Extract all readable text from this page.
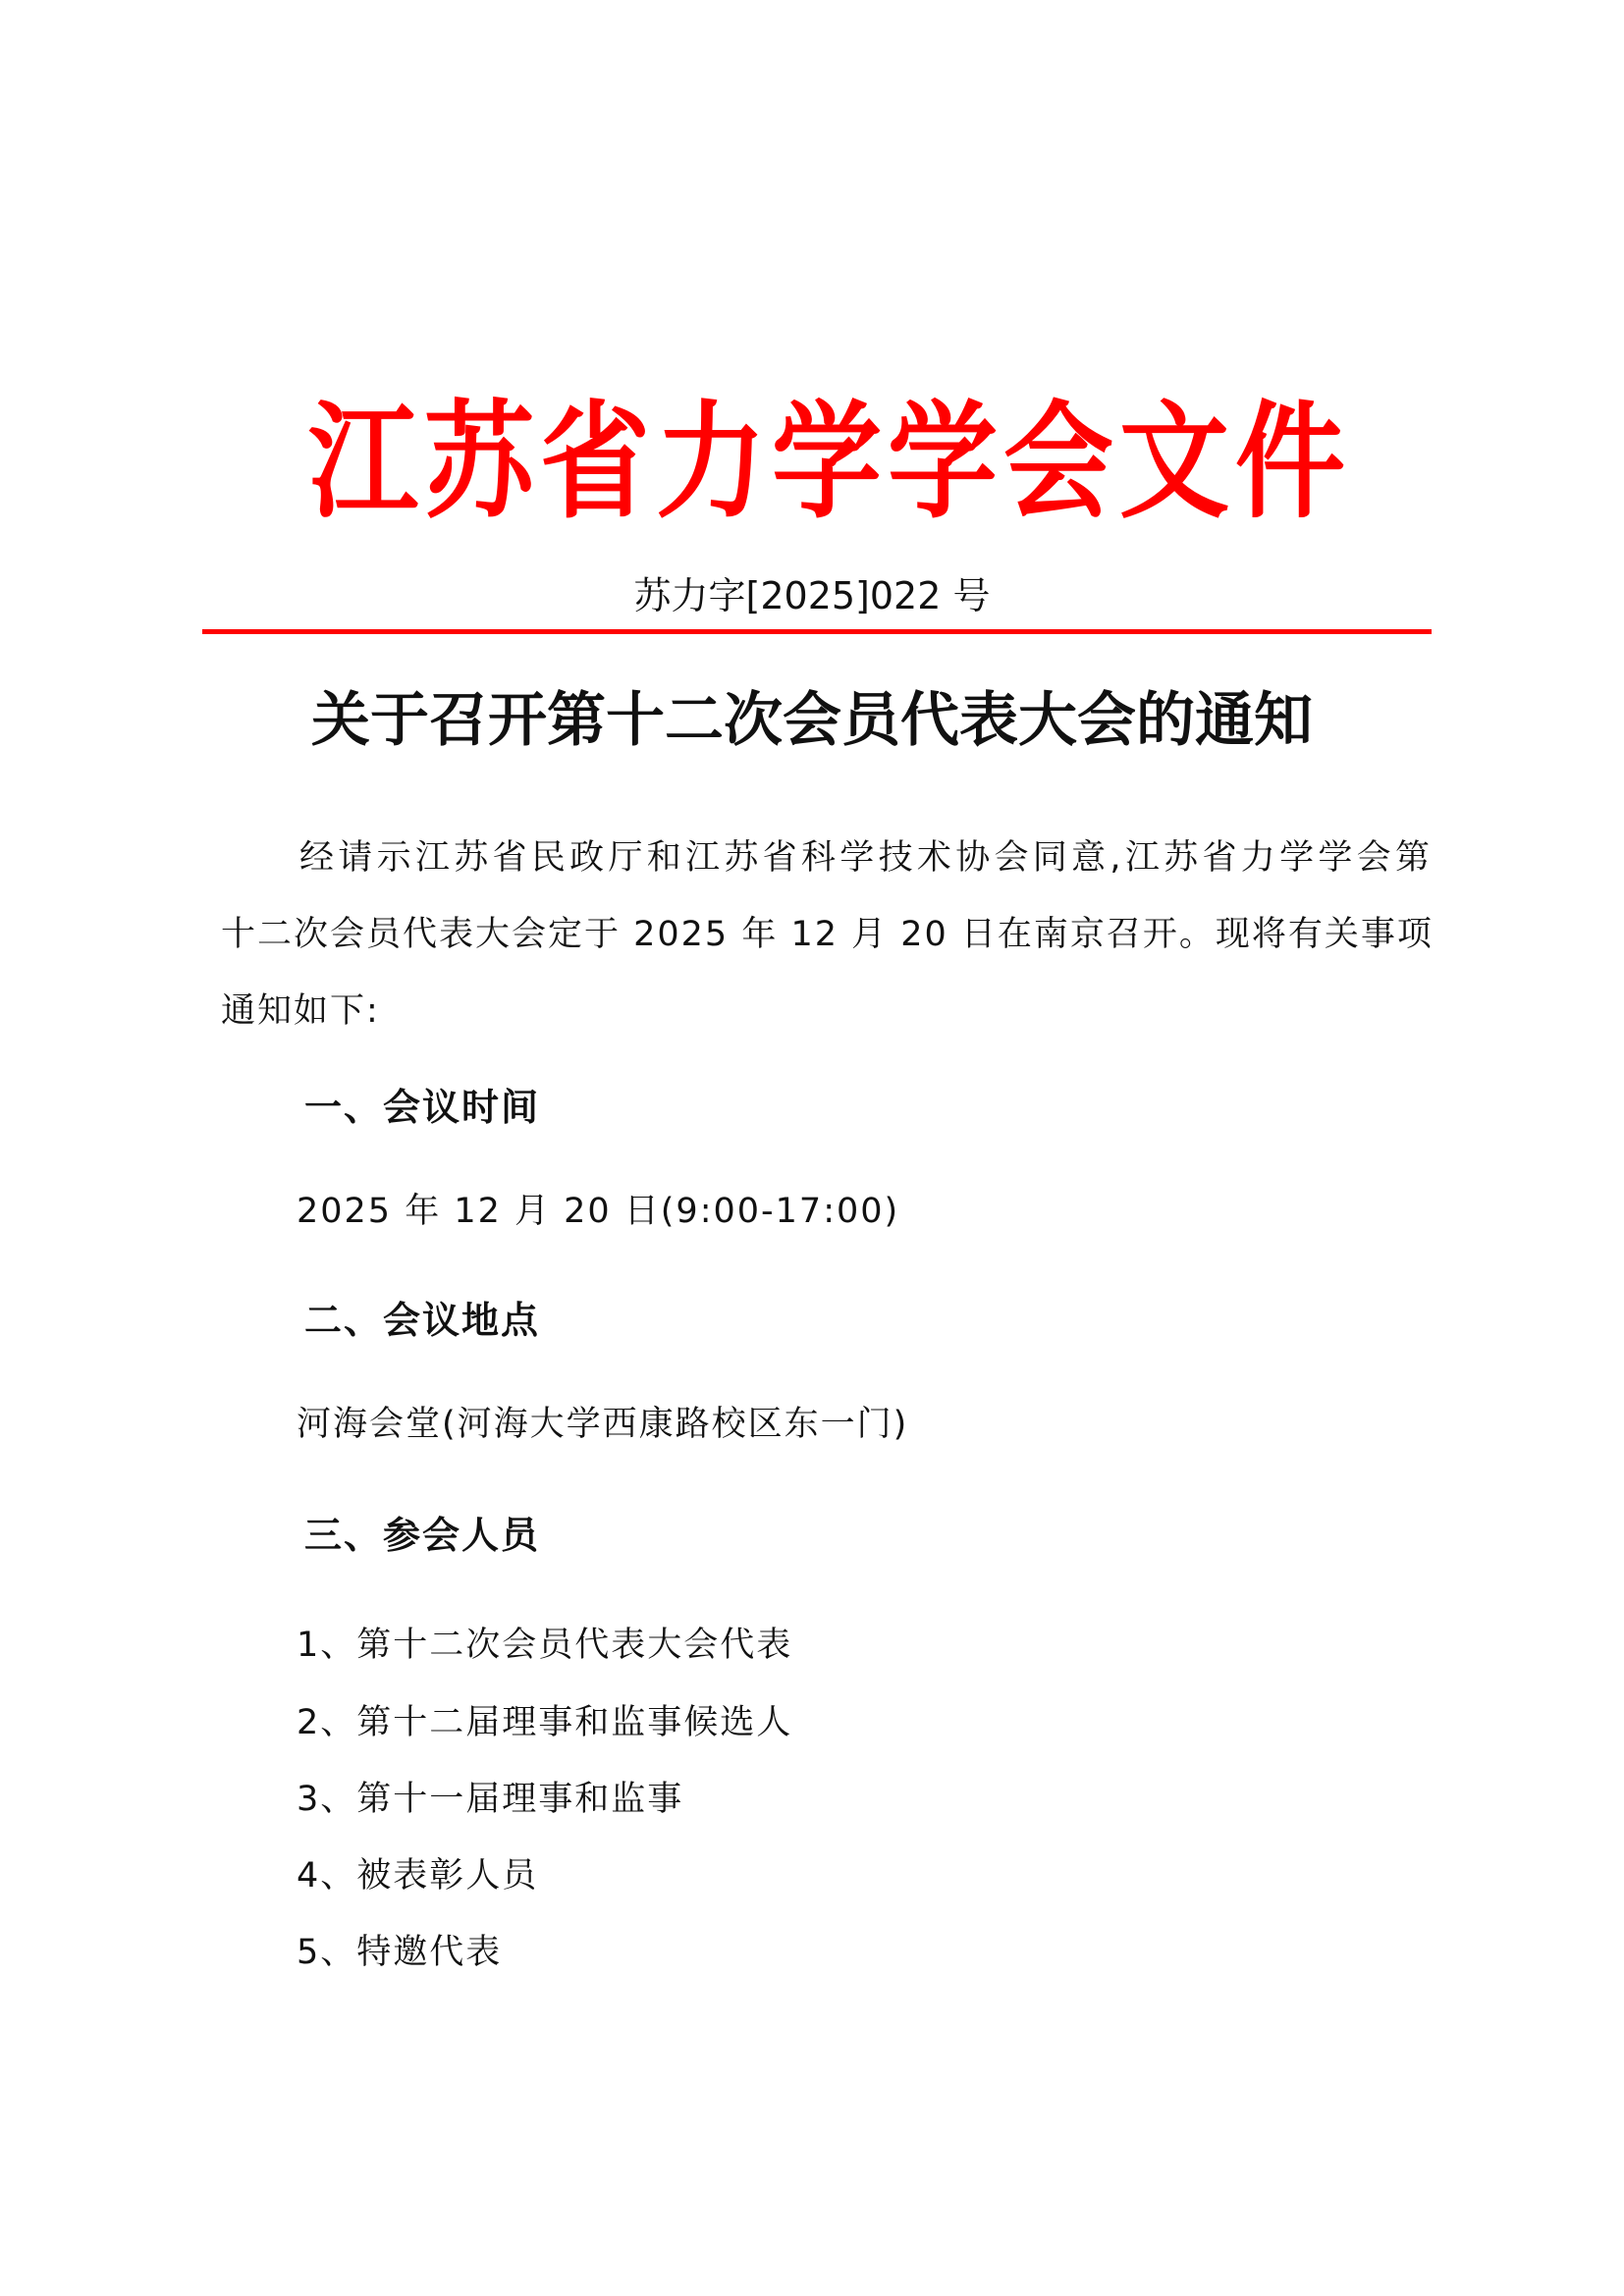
江苏省力学学会文件
苏力字[2025]022 号
关于召开第十二次会员代表大会的通知
经请示江苏省民政厅和江苏省科学技术协会同意,江苏省力学学会第
十二次会员代表大会定于 2025 年 12 月 20 日在南京召开。现将有关事项
通知如下:
一、会议时间
2025 年 12 月 20 日(9:00-17:00)
二、会议地点
河海会堂(河海大学西康路校区东一门)
三、参会人员
1、第十二次会员代表大会代表
2、第十二届理事和监事候选人
3、第十一届理事和监事
4、被表彰人员
5、特邀代表
